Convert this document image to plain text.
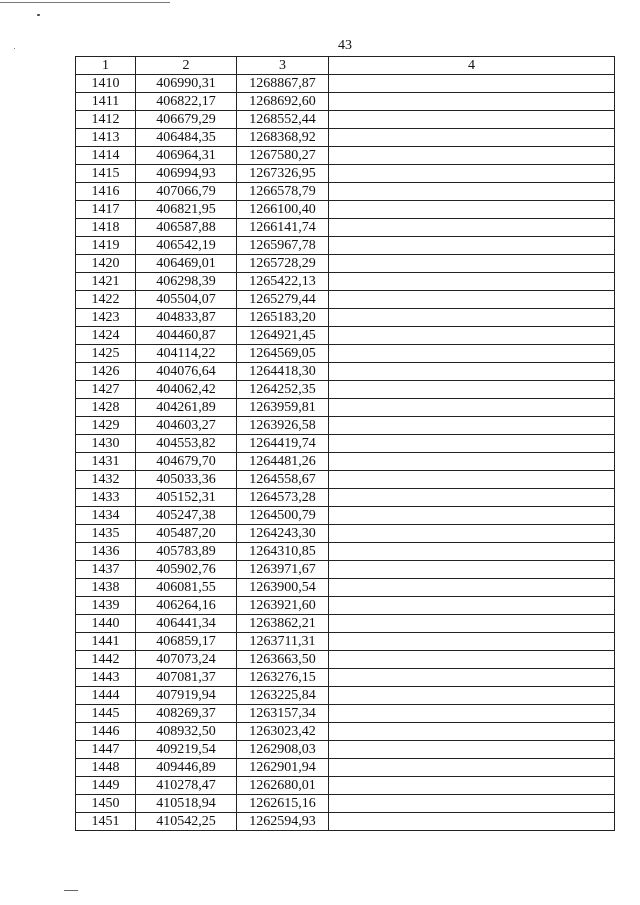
43
1	2	3	4
1410	406990,31	1268867,87	
1411	406822,17	1268692,60	
1412	406679,29	1268552,44	
1413	406484,35	1268368,92	
1414	406964,31	1267580,27	
1415	406994,93	1267326,95	
1416	407066,79	1266578,79	
1417	406821,95	1266100,40	
1418	406587,88	1266141,74	
1419	406542,19	1265967,78	
1420	406469,01	1265728,29	
1421	406298,39	1265422,13	
1422	405504,07	1265279,44	
1423	404833,87	1265183,20	
1424	404460,87	1264921,45	
1425	404114,22	1264569,05	
1426	404076,64	1264418,30	
1427	404062,42	1264252,35	
1428	404261,89	1263959,81	
1429	404603,27	1263926,58	
1430	404553,82	1264419,74	
1431	404679,70	1264481,26	
1432	405033,36	1264558,67	
1433	405152,31	1264573,28	
1434	405247,38	1264500,79	
1435	405487,20	1264243,30	
1436	405783,89	1264310,85	
1437	405902,76	1263971,67	
1438	406081,55	1263900,54	
1439	406264,16	1263921,60	
1440	406441,34	1263862,21	
1441	406859,17	1263711,31	
1442	407073,24	1263663,50	
1443	407081,37	1263276,15	
1444	407919,94	1263225,84	
1445	408269,37	1263157,34	
1446	408932,50	1263023,42	
1447	409219,54	1262908,03	
1448	409446,89	1262901,94	
1449	410278,47	1262680,01	
1450	410518,94	1262615,16	
1451	410542,25	1262594,93	
